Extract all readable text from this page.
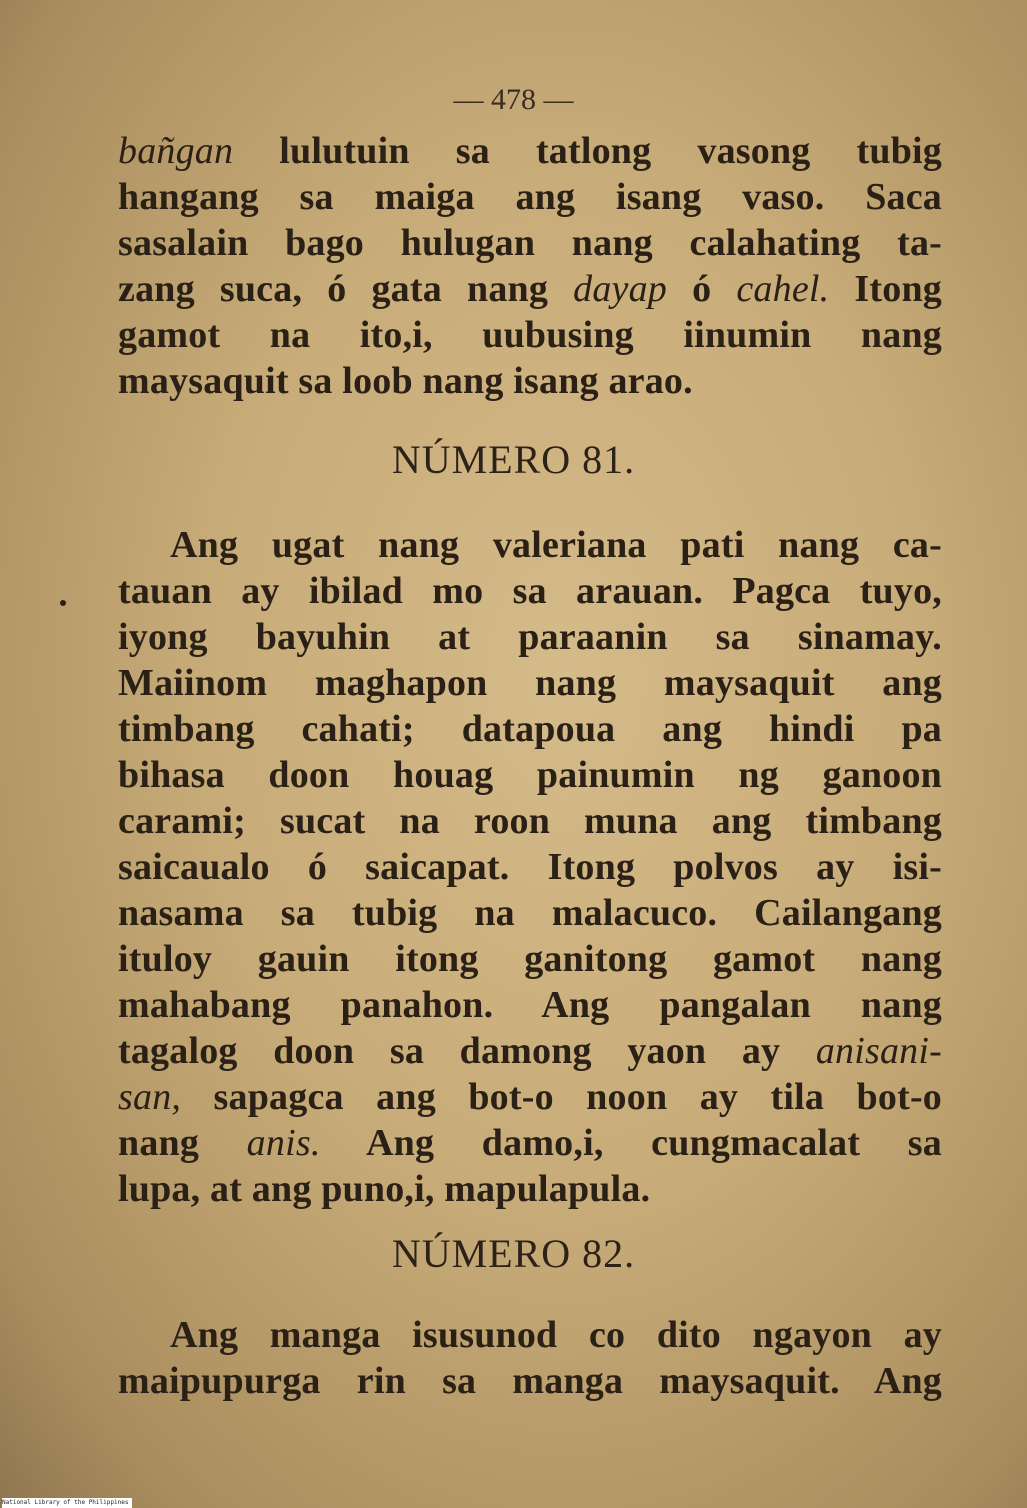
— 478 —
bañgan lulutuin sa tatlong vasong tubig
hangang sa maiga ang isang vaso. Saca
sasalain bago hulugan nang calahating ta-
zang suca, ó gata nang dayap ó cahel. Itong
gamot na ito,i, uubusing iinumin nang
maysaquit sa loob nang isang arao.
NÚMERO 81.
Ang ugat nang valeriana pati nang ca-
tauan ay ibilad mo sa arauan. Pagca tuyo,
iyong bayuhin at paraanin sa sinamay.
Maiinom maghapon nang maysaquit ang
timbang cahati; datapoua ang hindi pa
bihasa doon houag painumin ng ganoon
carami; sucat na roon muna ang timbang
saicaualo ó saicapat. Itong polvos ay isi-
nasama sa tubig na malacuco. Cailangang
ituloy gauin itong ganitong gamot nang
mahabang panahon. Ang pangalan nang
tagalog doon sa damong yaon ay anisani-
san, sapagca ang bot-o noon ay tila bot-o
nang anis. Ang damo,i, cungmacalat sa
lupa, at ang puno,i, mapulapula.
NÚMERO 82.
Ang manga isusunod co dito ngayon ay
maipupurga rin sa manga maysaquit. Ang
National Library of the Philippines
